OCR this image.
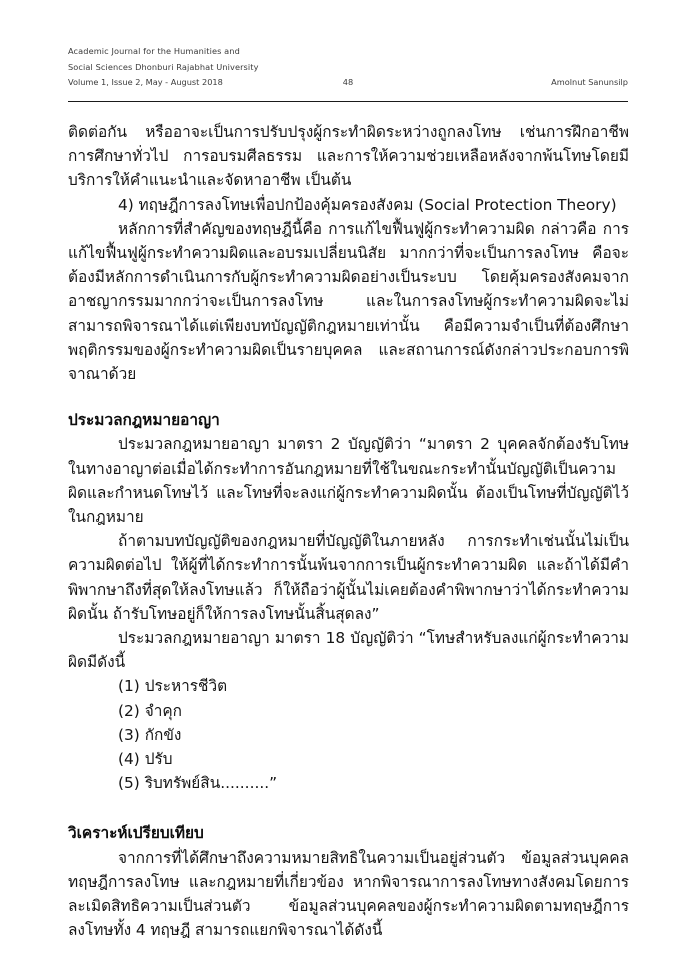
Academic Journal for the Humanities and
Social Sciences Dhonburi Rajabhat University
Volume 1, Issue 2, May - August 2018	48	Amolnut Sanunsilp

ติดต่อกัน หรืออาจะเป็นการปรับปรุงผู้กระทำผิดระหว่างถูกลงโทษ เช่นการฝึกอาชีพ การศึกษาทั่วไป การอบรมศีลธรรม และการให้ความช่วยเหลือหลังจากพ้นโทษโดยมีบริการให้คำแนะนำและจัดหาอาชีพ เป็นต้น

4) ทฤษฎีการลงโทษเพื่อปกป้องคุ้มครองสังคม (Social Protection Theory)

หลักการที่สำคัญของทฤษฎีนี้คือ การแก้ไขฟื้นฟูผู้กระทำความผิด กล่าวคือ การแก้ไขฟื้นฟูผู้กระทำความผิดและอบรมเปลี่ยนนิสัย มากกว่าที่จะเป็นการลงโทษ คือจะต้องมีหลักการดำเนินการกับผู้กระทำความผิดอย่างเป็นระบบ โดยคุ้มครองสังคมจากอาชญากรรมมากกว่าจะเป็นการลงโทษ และในการลงโทษผู้กระทำความผิดจะไม่สามารถพิจารณาได้แต่เพียงบทบัญญัติกฎหมายเท่านั้น คือมีความจำเป็นที่ต้องศึกษาพฤติกรรมของผู้กระทำความผิดเป็นรายบุคคล และสถานการณ์ดังกล่าวประกอบการพิจาณาด้วย

ประมวลกฎหมายอาญา

ประมวลกฎหมายอาญา มาตรา 2 บัญญัติว่า “มาตรา 2 บุคคลจักต้องรับโทษในทางอาญาต่อเมื่อได้กระทำการอันกฎหมายที่ใช้ในขณะกระทำนั้นบัญญัติเป็นความผิดและกำหนดโทษไว้ และโทษที่จะลงแก่ผู้กระทำความผิดนั้น ต้องเป็นโทษที่บัญญัติไว้ในกฎหมาย

ถ้าตามบทบัญญัติของกฎหมายที่บัญญัติในภายหลัง การกระทำเช่นนั้นไม่เป็นความผิดต่อไป ให้ผู้ที่ได้กระทำการนั้นพ้นจากการเป็นผู้กระทำความผิด และถ้าได้มีคำพิพากษาถึงที่สุดให้ลงโทษแล้ว ก็ให้ถือว่าผู้นั้นไม่เคยต้องคำพิพากษาว่าได้กระทำความผิดนั้น ถ้ารับโทษอยู่ก็ให้การลงโทษนั้นสิ้นสุดลง”

ประมวลกฎหมายอาญา มาตรา 18 บัญญัติว่า “โทษสำหรับลงแก่ผู้กระทำความผิดมีดังนี้

(1) ประหารชีวิต

(2) จำคุก

(3) กักขัง

(4) ปรับ

(5) ริบทรัพย์สิน..........”

วิเคราะห์เปรียบเทียบ

จากการที่ได้ศึกษาถึงความหมายสิทธิในความเป็นอยู่ส่วนตัว ข้อมูลส่วนบุคคล ทฤษฎีการลงโทษ และกฎหมายที่เกี่ยวข้อง หากพิจารณาการลงโทษทางสังคมโดยการละเมิดสิทธิความเป็นส่วนตัว ข้อมูลส่วนบุคคลของผู้กระทำความผิดตามทฤษฎีการลงโทษทั้ง 4 ทฤษฎี สามารถแยกพิจารณาได้ดังนี้
